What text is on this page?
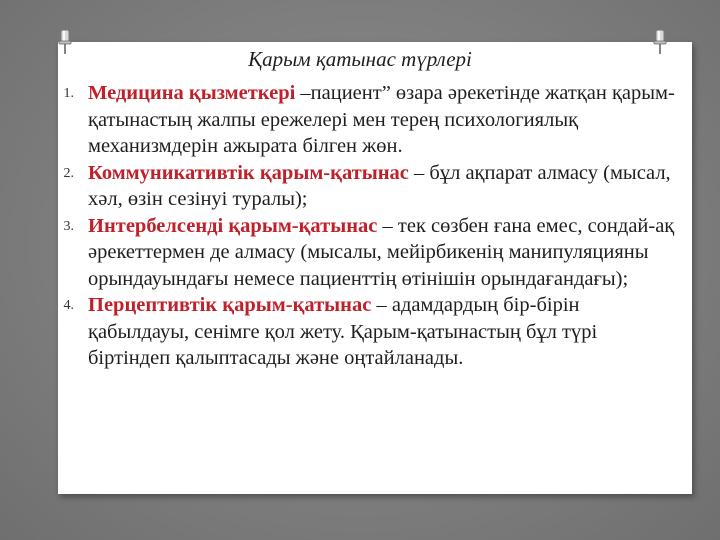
Қарым қатынас түрлері
1. Медицина қызметкері –пациент” өзара әрекетінде жатқан қарым-қатынастың жалпы ережелері мен терең психологиялық механизмдерін ажырата білген жөн.
2. Коммуникативтік қарым-қатынас – бұл ақпарат алмасу (мысал, хәл, өзін сезінуі туралы);
3. Интербелсенді қарым-қатынас – тек сөзбен ғана емес, сондай-ақ әрекеттермен де алмасу (мысалы, мейірбикенің манипуляцияны орындауындағы немесе пациенттің өтінішін орындағандағы);
4. Перцептивтік қарым-қатынас – адамдардың бір-бірін қабылдауы, сенімге қол жету. Қарым-қатынастың бұл түрі біртіндеп қалыптасады және оңтайланады.
